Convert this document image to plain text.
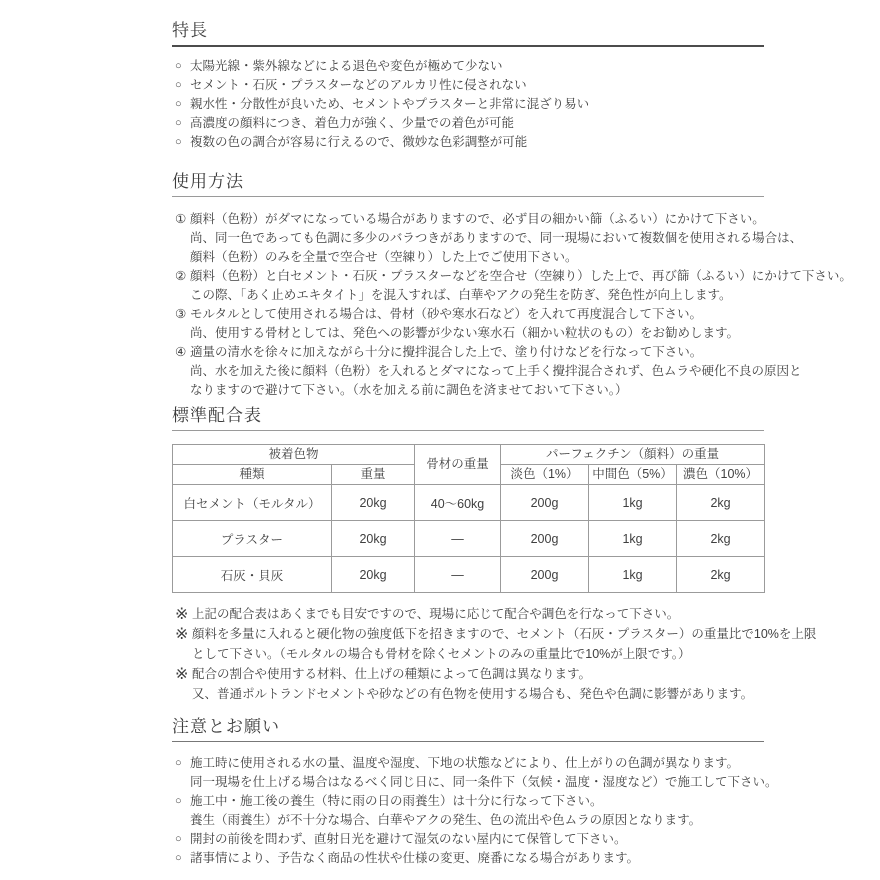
特長
○ 太陽光線・紫外線などによる退色や変色が極めて少ない
○ セメント・石灰・プラスターなどのアルカリ性に侵されない
○ 親水性・分散性が良いため、セメントやプラスターと非常に混ざり易い
○ 高濃度の顔料につき、着色力が強く、少量での着色が可能
○ 複数の色の調合が容易に行えるので、微妙な色彩調整が可能
使用方法
① 顔料（色粉）がダマになっている場合がありますので、必ず目の細かい篩（ふるい）にかけて下さい。
尚、同一色であっても色調に多少のバラつきがありますので、同一現場において複数個を使用される場合は、
顔料（色粉）のみを全量で空合せ（空練り）した上でご使用下さい。
② 顔料（色粉）と白セメント・石灰・プラスターなどを空合せ（空練り）した上で、再び篩（ふるい）にかけて下さい。
この際、「あく止めエキタイト」を混入すれば、白華やアクの発生を防ぎ、発色性が向上します。
③ モルタルとして使用される場合は、骨材（砂や寒水石など）を入れて再度混合して下さい。
尚、使用する骨材としては、発色への影響が少ない寒水石（細かい粒状のもの）をお勧めします。
④ 適量の清水を徐々に加えながら十分に攪拌混合した上で、塗り付けなどを行なって下さい。
尚、水を加えた後に顔料（色粉）を入れるとダマになって上手く攪拌混合されず、色ムラや硬化不良の原因と
なりますので避けて下さい。（水を加える前に調色を済ませておいて下さい。）
標準配合表
被着色物		骨材の重量	パーフェクチン（顔料）の重量		
種類	重量		淡色（1%）	中間色（5%）	濃色（10%）
白セメント（モルタル）	20kg	40～60kg	200g	1kg	2kg
プラスター	20kg	—	200g	1kg	2kg
石灰・貝灰	20kg	—	200g	1kg	2kg
※ 上記の配合表はあくまでも目安ですので、現場に応じて配合や調色を行なって下さい。
※ 顔料を多量に入れると硬化物の強度低下を招きますので、セメント（石灰・プラスター）の重量比で10%を上限
として下さい。（モルタルの場合も骨材を除くセメントのみの重量比で10%が上限です。）
※ 配合の割合や使用する材料、仕上げの種類によって色調は異なります。
又、普通ポルトランドセメントや砂などの有色物を使用する場合も、発色や色調に影響があります。
注意とお願い
○ 施工時に使用される水の量、温度や湿度、下地の状態などにより、仕上がりの色調が異なります。
同一現場を仕上げる場合はなるべく同じ日に、同一条件下（気候・温度・湿度など）で施工して下さい。
○ 施工中・施工後の養生（特に雨の日の雨養生）は十分に行なって下さい。
養生（雨養生）が不十分な場合、白華やアクの発生、色の流出や色ムラの原因となります。
○ 開封の前後を問わず、直射日光を避けて湿気のない屋内にて保管して下さい。
○ 諸事情により、予告なく商品の性状や仕様の変更、廃番になる場合があります。
